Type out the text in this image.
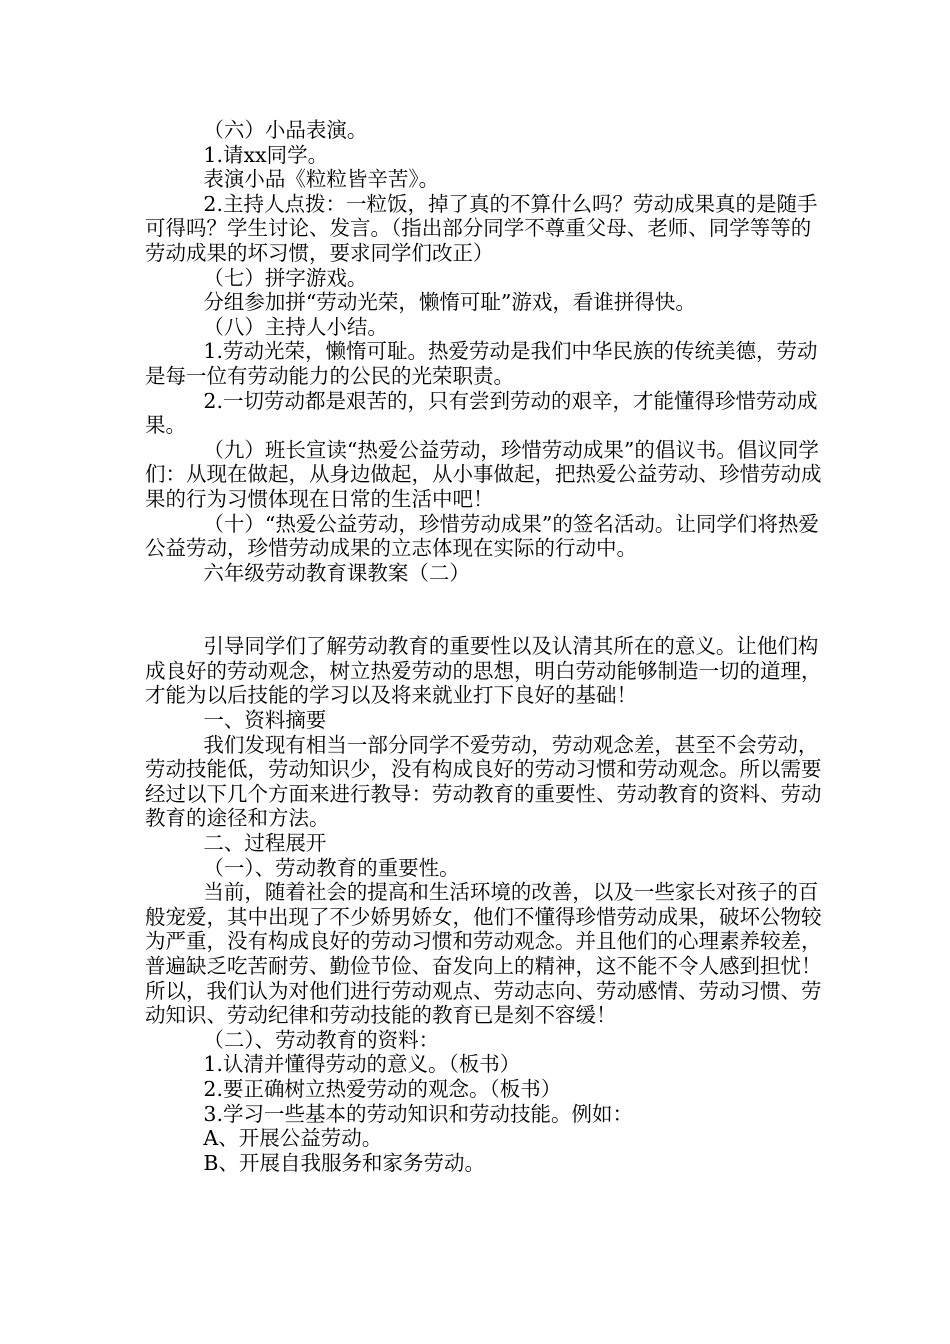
（六）小品表演。

1.请xx同学。

表演小品《粒粒皆辛苦》。

2.主持人点拨：一粒饭，掉了真的不算什么吗？劳动成果真的是随手可得吗？学生讨论、发言。（指出部分同学不尊重父母、老师、同学等等的劳动成果的坏习惯，要求同学们改正）

（七）拼字游戏。

分组参加拼“劳动光荣，懒惰可耻”游戏，看谁拼得快。

（八）主持人小结。

1.劳动光荣，懒惰可耻。热爱劳动是我们中华民族的传统美德，劳动是每一位有劳动能力的公民的光荣职责。

2.一切劳动都是艰苦的，只有尝到劳动的艰辛，才能懂得珍惜劳动成果。

（九）班长宣读“热爱公益劳动，珍惜劳动成果”的倡议书。倡议同学们：从现在做起，从身边做起，从小事做起，把热爱公益劳动、珍惜劳动成果的行为习惯体现在日常的生活中吧！

（十）“热爱公益劳动，珍惜劳动成果”的签名活动。让同学们将热爱公益劳动，珍惜劳动成果的立志体现在实际的行动中。

六年级劳动教育课教案（二）

引导同学们了解劳动教育的重要性以及认清其所在的意义。让他们构成良好的劳动观念，树立热爱劳动的思想，明白劳动能够制造一切的道理，才能为以后技能的学习以及将来就业打下良好的基础！

一、资料摘要

我们发现有相当一部分同学不爱劳动，劳动观念差，甚至不会劳动，劳动技能低，劳动知识少，没有构成良好的劳动习惯和劳动观念。所以需要经过以下几个方面来进行教导：劳动教育的重要性、劳动教育的资料、劳动教育的途径和方法。

二、过程展开

（一）、劳动教育的重要性。

当前，随着社会的提高和生活环境的改善，以及一些家长对孩子的百般宠爱，其中出现了不少娇男娇女，他们不懂得珍惜劳动成果，破坏公物较为严重，没有构成良好的劳动习惯和劳动观念。并且他们的心理素养较差，普遍缺乏吃苦耐劳、勤俭节俭、奋发向上的精神，这不能不令人感到担忧！所以，我们认为对他们进行劳动观点、劳动志向、劳动感情、劳动习惯、劳动知识、劳动纪律和劳动技能的教育已是刻不容缓！

（二）、劳动教育的资料：

1.认清并懂得劳动的意义。（板书）

2.要正确树立热爱劳动的观念。（板书）

3.学习一些基本的劳动知识和劳动技能。例如：

A、开展公益劳动。

B、开展自我服务和家务劳动。
